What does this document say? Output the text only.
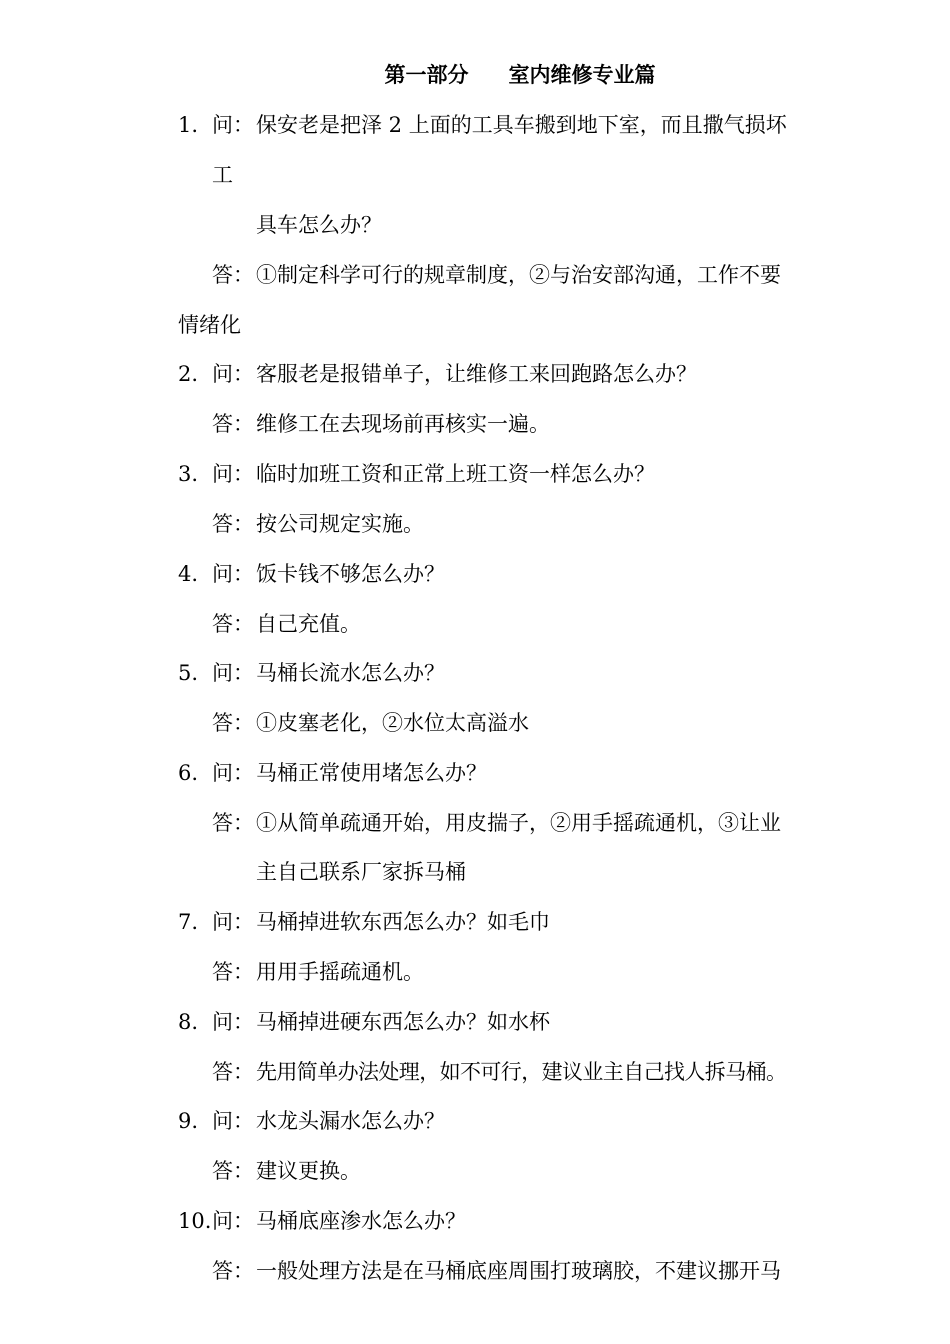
第一部分 室内维修专业篇
1. 问： 保安老是把泽 2 上面的工具车搬到地下室，而且撒气损坏
工
具车怎么办？
答： ①制定科学可行的规章制度，②与治安部沟通，工作不要
情绪化
2. 问： 客服老是报错单子，让维修工来回跑路怎么办？
答： 维修工在去现场前再核实一遍。
3. 问： 临时加班工资和正常上班工资一样怎么办？
答： 按公司规定实施。
4. 问： 饭卡钱不够怎么办？
答： 自己充值。
5. 问： 马桶长流水怎么办？
答： ①皮塞老化，②水位太高溢水
6. 问： 马桶正常使用堵怎么办？
答： ①从简单疏通开始，用皮揣子，②用手摇疏通机，③让业
主自己联系厂家拆马桶
7. 问： 马桶掉进软东西怎么办？如毛巾
答： 用用手摇疏通机。
8. 问： 马桶掉进硬东西怎么办？如水杯
答： 先用简单办法处理，如不可行，建议业主自己找人拆马桶。
9. 问： 水龙头漏水怎么办？
答： 建议更换。
10. 问： 马桶底座渗水怎么办？
答： 一般处理方法是在马桶底座周围打玻璃胶，不建议挪开马
